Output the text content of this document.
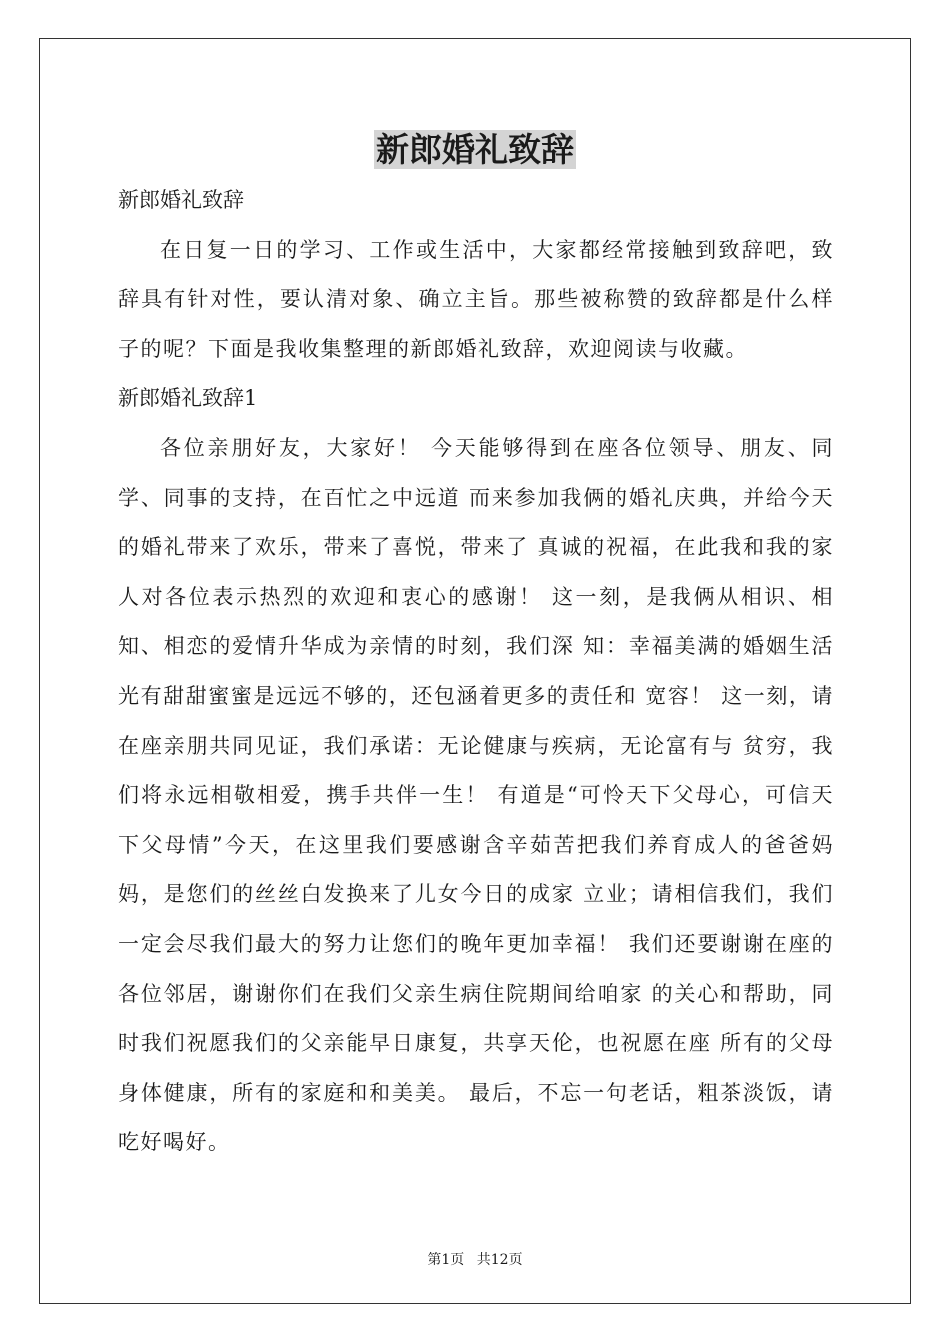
新郎婚礼致辞
新郎婚礼致辞

在日复一日的学习、工作或生活中，大家都经常接触到致辞吧，致辞具有针对性，要认清对象、确立主旨。那些被称赞的致辞都是什么样子的呢？下面是我收集整理的新郎婚礼致辞，欢迎阅读与收藏。

新郎婚礼致辞1

各位亲朋好友，大家好！ 今天能够得到在座各位领导、朋友、同学、同事的支持，在百忙之中远道 而来参加我俩的婚礼庆典，并给今天的婚礼带来了欢乐，带来了喜悦，带来了 真诚的祝福，在此我和我的家人对各位表示热烈的欢迎和衷心的感谢！ 这一刻，是我俩从相识、相知、相恋的爱情升华成为亲情的时刻，我们深 知：幸福美满的婚姻生活光有甜甜蜜蜜是远远不够的，还包涵着更多的责任和 宽容！ 这一刻，请在座亲朋共同见证，我们承诺：无论健康与疾病，无论富有与 贫穷，我们将永远相敬相爱，携手共伴一生！ 有道是“可怜天下父母心，可信天下父母情”今天，在这里我们要感谢含辛茹苦把我们养育成人的爸爸妈妈，是您们的丝丝白发换来了儿女今日的成家 立业；请相信我们，我们一定会尽我们最大的努力让您们的晚年更加幸福！ 我们还要谢谢在座的各位邻居，谢谢你们在我们父亲生病住院期间给咱家 的关心和帮助，同时我们祝愿我们的父亲能早日康复，共享天伦，也祝愿在座 所有的父母身体健康，所有的家庭和和美美。 最后，不忘一句老话，粗茶淡饭，请吃好喝好。

第1页 共12页
